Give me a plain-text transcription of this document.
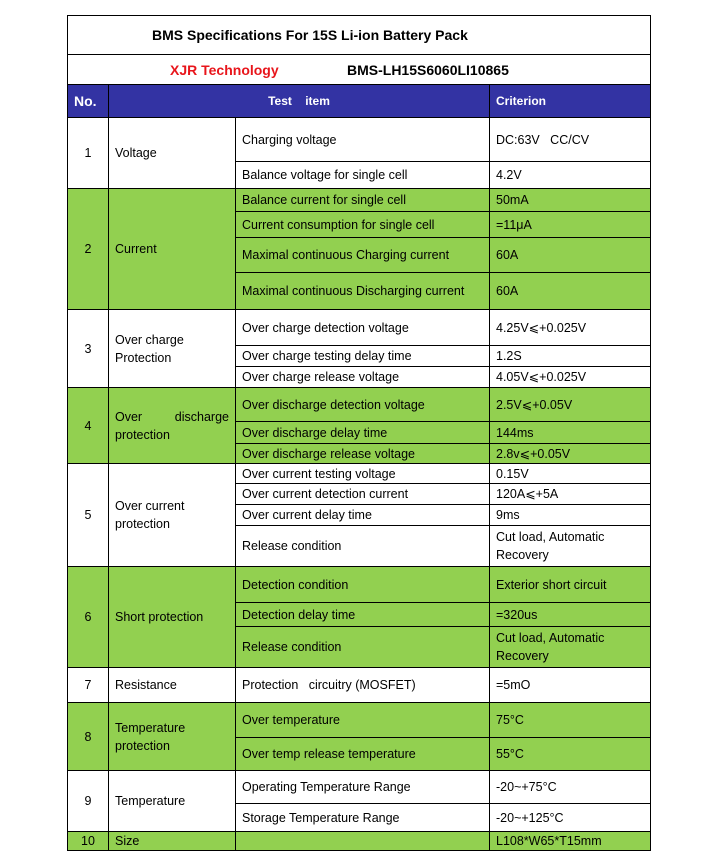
BMS Specifications For 15S Li-ion Battery Pack			
XJR Technology BMS-LH15S6060LI10865			
No.	Test    item		Criterion
1	Voltage	Charging voltage	DC:63V   CC/CV
		Balance voltage for single cell	4.2V
2	Current	Balance current for single cell	50mA
		Current consumption for single cell	=11μA
		Maximal continuous Charging current	60A
		Maximal continuous Discharging current	60A
3	Over charge Protection	Over charge detection voltage	4.25V⩽+0.025V
		Over charge testing delay time	1.2S
		Over charge release voltage	4.05V⩽+0.025V
4	Over discharge protection	Over discharge detection voltage	2.5V⩽+0.05V
		Over discharge delay time	144ms
		Over discharge release voltage	2.8v⩽+0.05V
5	Over current protection	Over current testing voltage	0.15V
		Over current detection current	120A⩽+5A
		Over current delay time	9ms
		Release condition	Cut load, Automatic Recovery
6	Short protection	Detection condition	Exterior short circuit
		Detection delay time	=320us
		Release condition	Cut load, Automatic Recovery
7	Resistance	Protection   circuitry (MOSFET)	=5mO
8	Temperature protection	Over temperature	75°C
		Over temp release temperature	55°C
9	Temperature	Operating Temperature Range	-20~+75°C
		Storage Temperature Range	-20~+125°C
10	Size		L108*W65*T15mm
